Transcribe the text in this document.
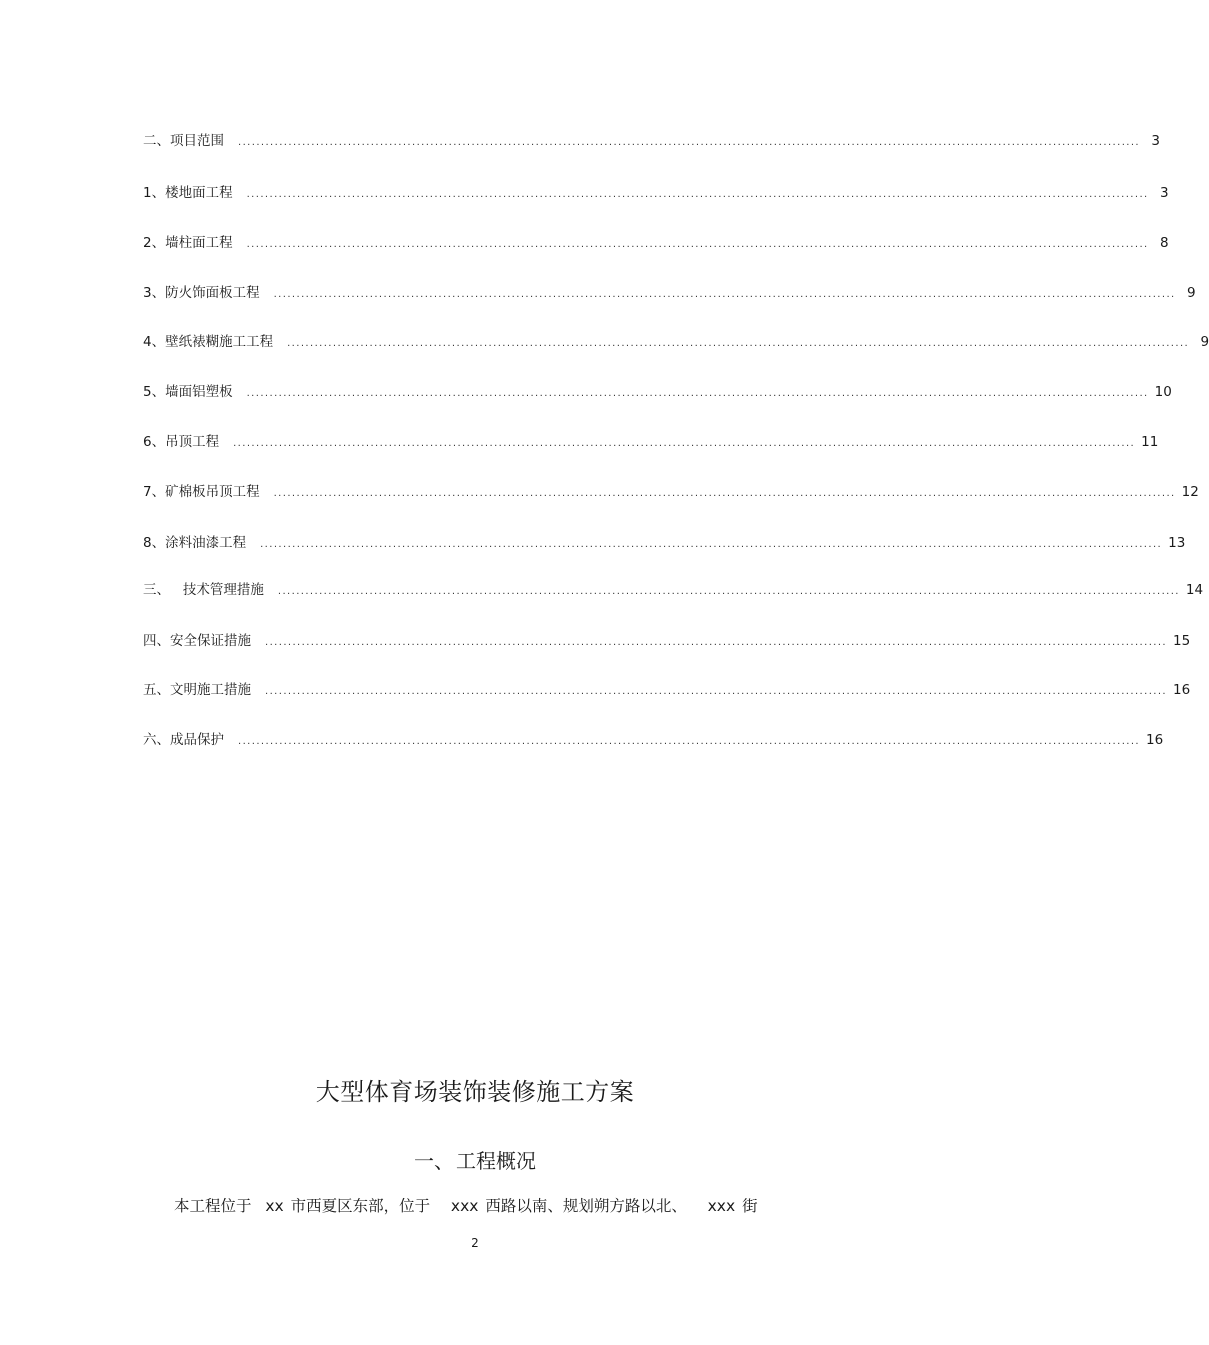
二、项目范围 ..................................................................................................................................................................................................... 3
1、楼地面工程 ..................................................................................................................................................................................................... 3
2、墙柱面工程 ..................................................................................................................................................................................................... 8
3、防火饰面板工程 ..................................................................................................................................................................................................... 9
4、壁纸裱糊施工工程 ..................................................................................................................................................................................................... 9
5、墙面铝塑板 ..................................................................................................................................................................................................... 10
6、吊顶工程 ..................................................................................................................................................................................................... 11
7、矿棉板吊顶工程 ..................................................................................................................................................................................................... 12
8、涂料油漆工程 ..................................................................................................................................................................................................... 13
三、   技术管理措施 ..................................................................................................................................................................................................... 14
四、安全保证措施 ..................................................................................................................................................................................................... 15
五、文明施工措施 ..................................................................................................................................................................................................... 16
六、成品保护 ..................................................................................................................................................................................................... 16
大型体育场装饰装修施工方案
一、 工程概况
本工程位于  xx 市西夏区东部，位于   xxx 西路以南、规划朔方路以北、   xxx 街
2
